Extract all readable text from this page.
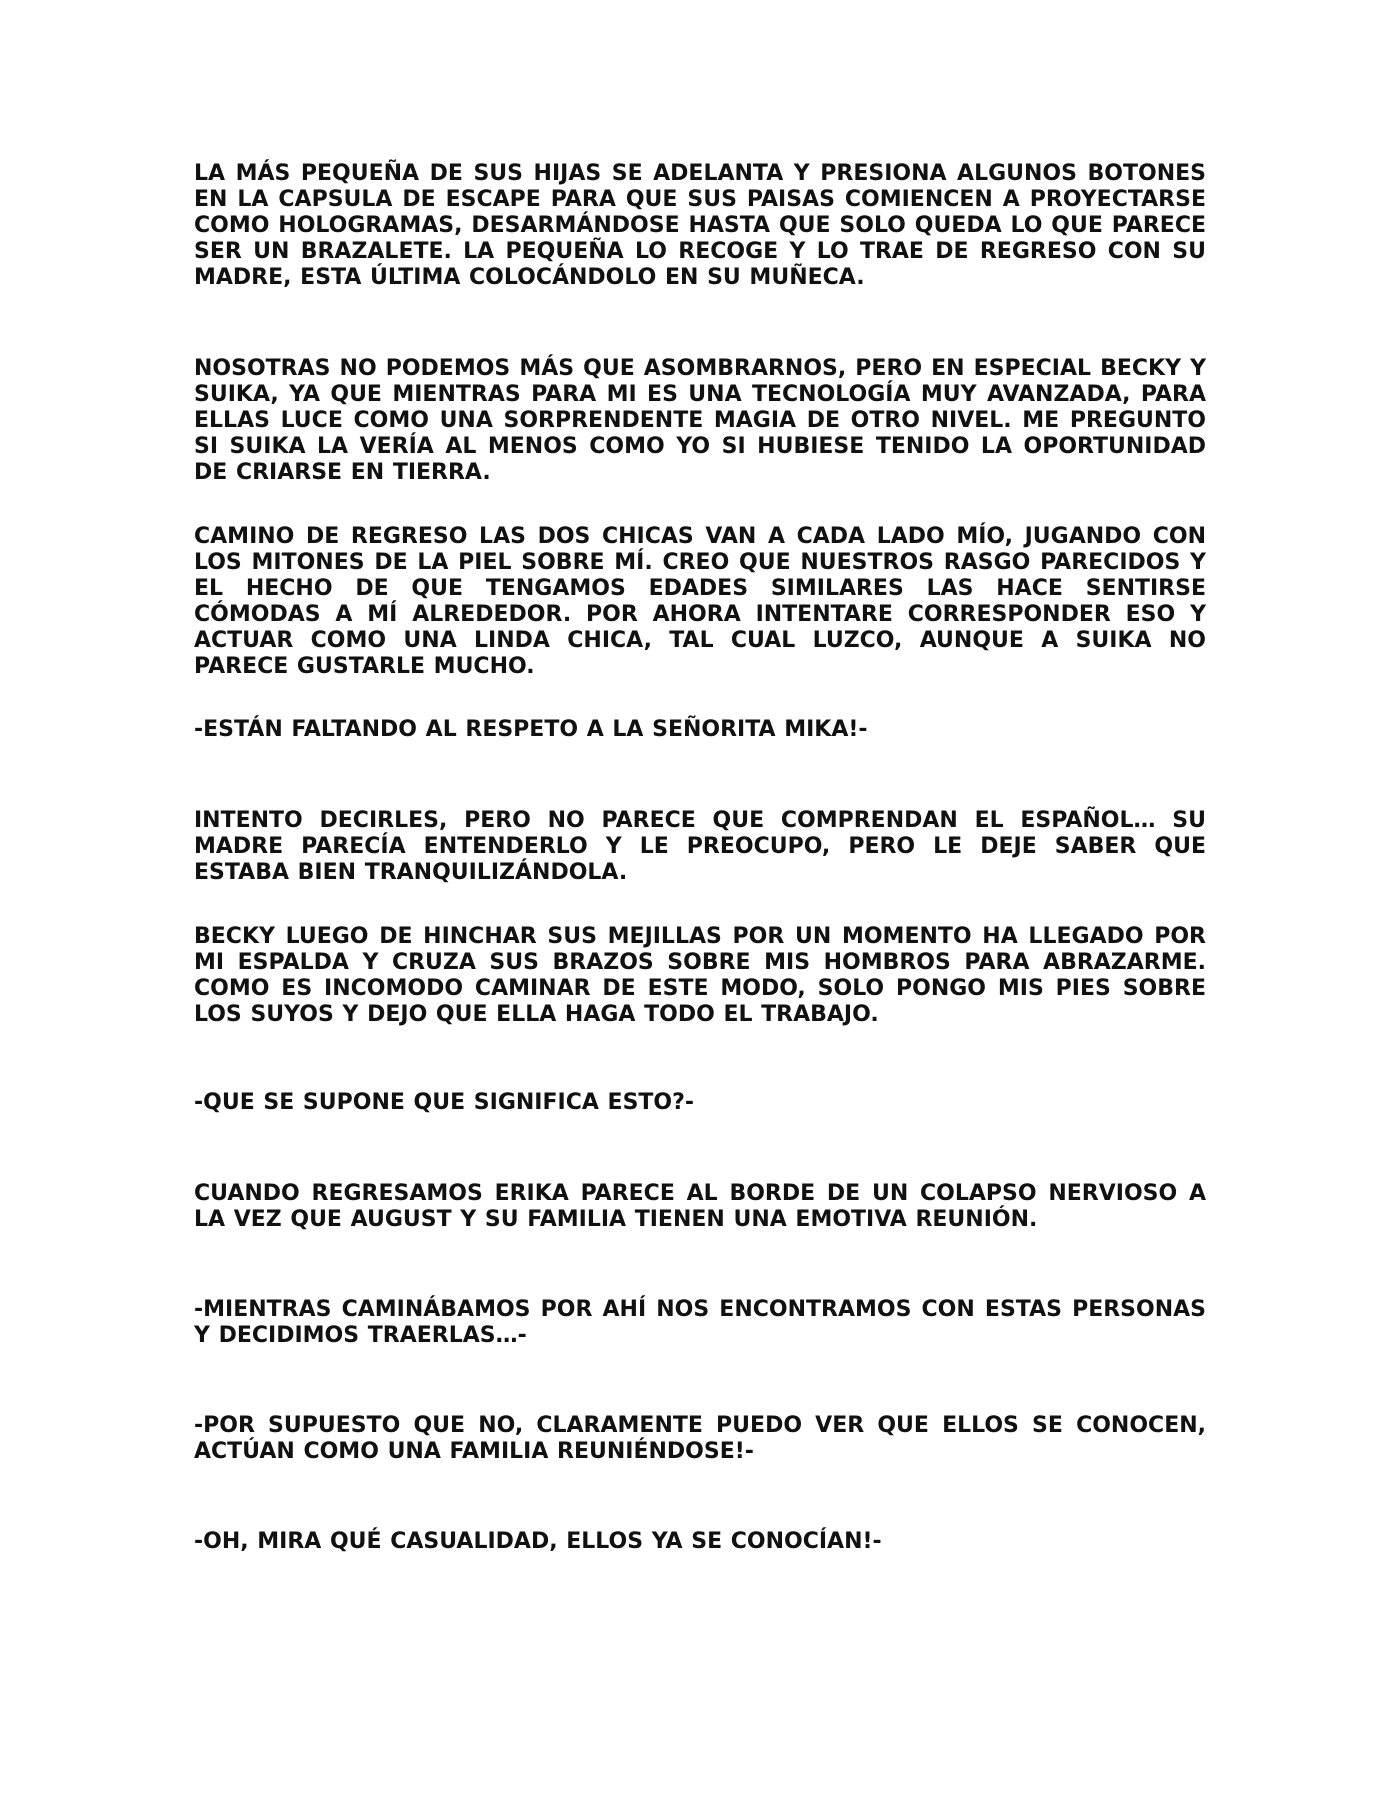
LA MÁS PEQUEÑA DE SUS HIJAS SE ADELANTA Y PRESIONA ALGUNOS BOTONES EN LA CAPSULA DE ESCAPE PARA QUE SUS PAISAS COMIENCEN A PROYECTARSE COMO HOLOGRAMAS, DESARMÁNDOSE HASTA QUE SOLO QUEDA LO QUE PARECE SER UN BRAZALETE. LA PEQUEÑA LO RECOGE Y LO TRAE DE REGRESO CON SU MADRE, ESTA ÚLTIMA COLOCÁNDOLO EN SU MUÑECA.

NOSOTRAS NO PODEMOS MÁS QUE ASOMBRARNOS, PERO EN ESPECIAL BECKY Y SUIKA, YA QUE MIENTRAS PARA MI ES UNA TECNOLOGÍA MUY AVANZADA, PARA ELLAS LUCE COMO UNA SORPRENDENTE MAGIA DE OTRO NIVEL. ME PREGUNTO SI SUIKA LA VERÍA AL MENOS COMO YO SI HUBIESE TENIDO LA OPORTUNIDAD DE CRIARSE EN TIERRA.

CAMINO DE REGRESO LAS DOS CHICAS VAN A CADA LADO MÍO, JUGANDO CON LOS MITONES DE LA PIEL SOBRE MÍ. CREO QUE NUESTROS RASGO PARECIDOS Y EL HECHO DE QUE TENGAMOS EDADES SIMILARES LAS HACE SENTIRSE CÓMODAS A MÍ ALREDEDOR. POR AHORA INTENTARE CORRESPONDER ESO Y ACTUAR COMO UNA LINDA CHICA, TAL CUAL LUZCO, AUNQUE A SUIKA NO PARECE GUSTARLE MUCHO.

-ESTÁN FALTANDO AL RESPETO A LA SEÑORITA MIKA!-

INTENTO DECIRLES, PERO NO PARECE QUE COMPRENDAN EL ESPAÑOL… SU MADRE PARECÍA ENTENDERLO Y LE PREOCUPO, PERO LE DEJE SABER QUE ESTABA BIEN TRANQUILIZÁNDOLA.

BECKY LUEGO DE HINCHAR SUS MEJILLAS POR UN MOMENTO HA LLEGADO POR MI ESPALDA Y CRUZA SUS BRAZOS SOBRE MIS HOMBROS PARA ABRAZARME. COMO ES INCOMODO CAMINAR DE ESTE MODO, SOLO PONGO MIS PIES SOBRE LOS SUYOS Y DEJO QUE ELLA HAGA TODO EL TRABAJO.

-QUE SE SUPONE QUE SIGNIFICA ESTO?-

CUANDO REGRESAMOS ERIKA PARECE AL BORDE DE UN COLAPSO NERVIOSO A LA VEZ QUE AUGUST Y SU FAMILIA TIENEN UNA EMOTIVA REUNIÓN.

-MIENTRAS CAMINÁBAMOS POR AHÍ NOS ENCONTRAMOS CON ESTAS PERSONAS Y DECIDIMOS TRAERLAS…-

-POR SUPUESTO QUE NO, CLARAMENTE PUEDO VER QUE ELLOS SE CONOCEN, ACTÚAN COMO UNA FAMILIA REUNIÉNDOSE!-

-OH, MIRA QUÉ CASUALIDAD, ELLOS YA SE CONOCÍAN!-
